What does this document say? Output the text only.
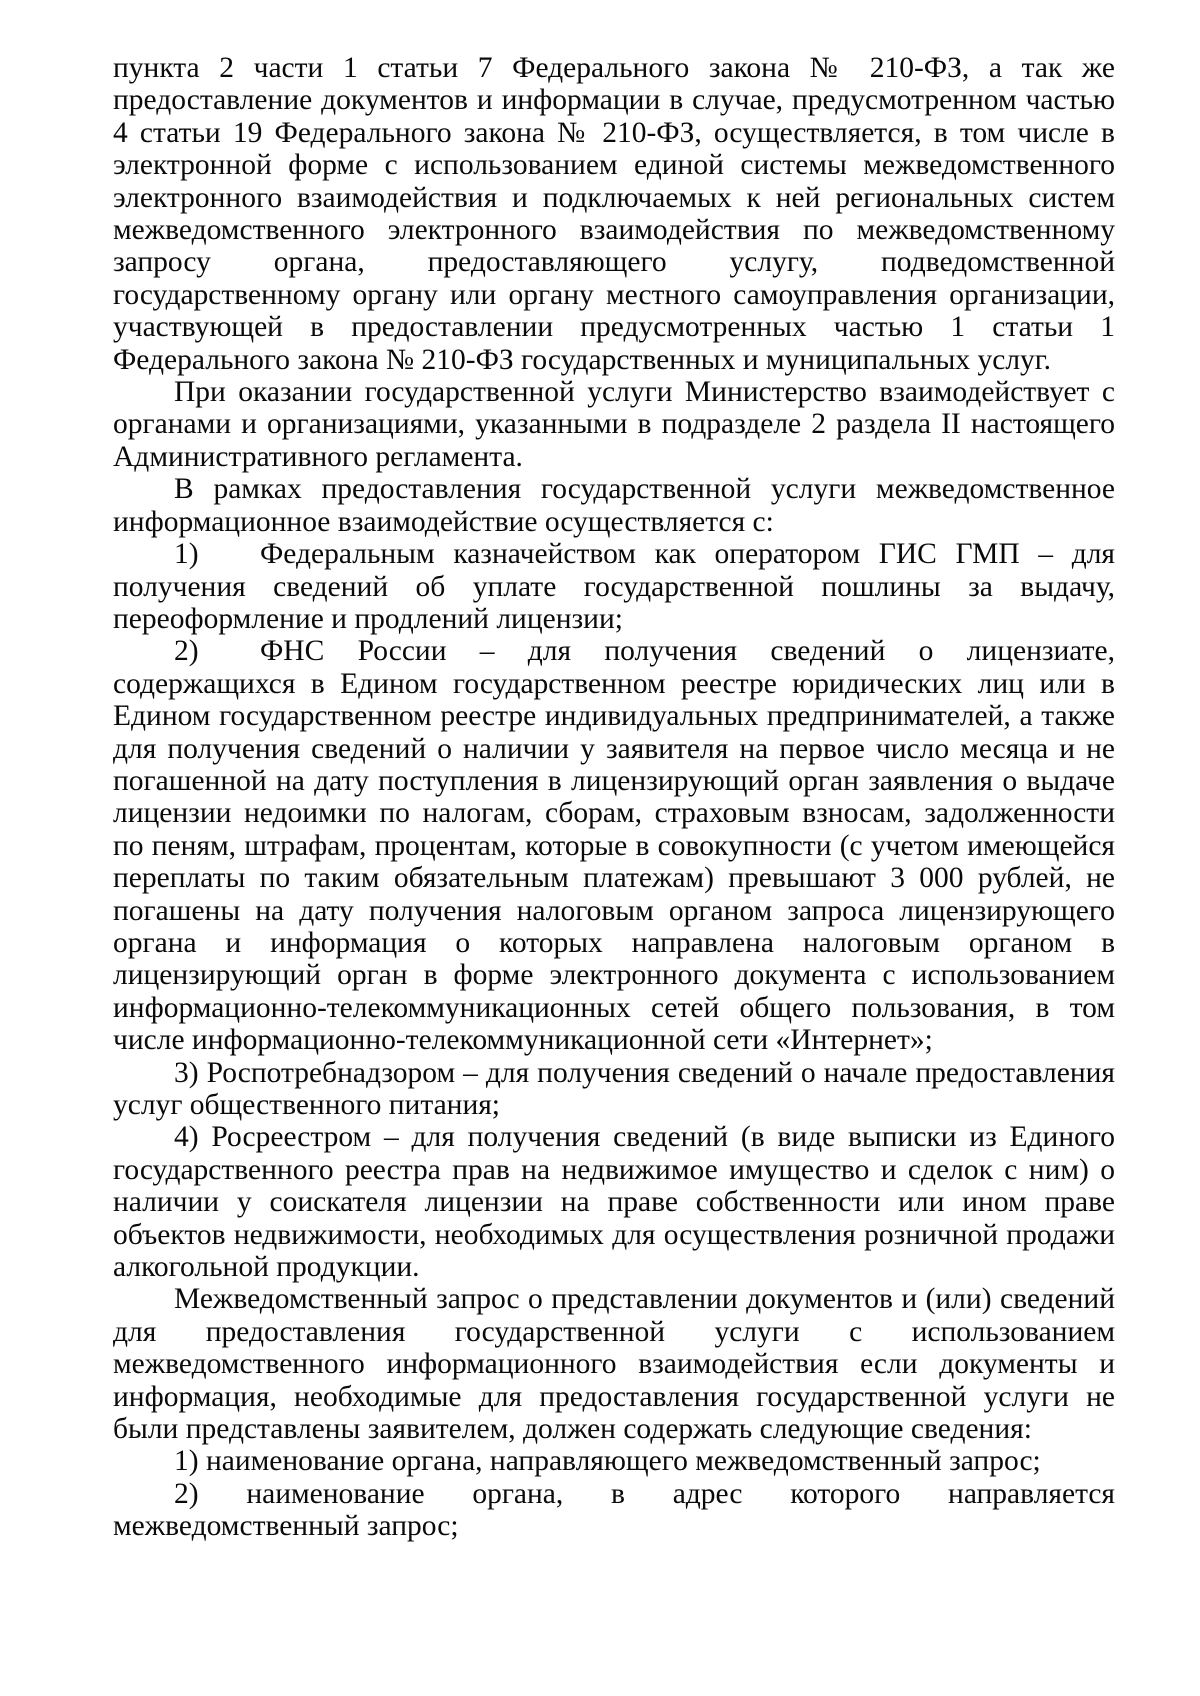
пункта 2 части 1 статьи 7 Федерального закона № 210-ФЗ, а так же предоставление документов и информации в случае, предусмотренном частью 4 статьи 19 Федерального закона № 210-ФЗ, осуществляется, в том числе в электронной форме с использованием единой системы межведомственного электронного взаимодействия и подключаемых к ней региональных систем межведомственного электронного взаимодействия по межведомственному запросу органа, предоставляющего услугу, подведомственной государственному органу или органу местного самоуправления организации, участвующей в предоставлении предусмотренных частью 1 статьи 1 Федерального закона № 210-ФЗ государственных и муниципальных услуг.

При оказании государственной услуги Министерство взаимодействует с органами и организациями, указанными в подразделе 2 раздела II настоящего Административного регламента.

В рамках предоставления государственной услуги межведомственное информационное взаимодействие осуществляется с:

1) Федеральным казначейством как оператором ГИС ГМП – для получения сведений об уплате государственной пошлины за выдачу, переоформление и продлений лицензии;

2) ФНС России – для получения сведений о лицензиате, содержащихся в Едином государственном реестре юридических лиц или в Едином государственном реестре индивидуальных предпринимателей, а также для получения сведений о наличии у заявителя на первое число месяца и не погашенной на дату поступления в лицензирующий орган заявления о выдаче лицензии недоимки по налогам, сборам, страховым взносам, задолженности по пеням, штрафам, процентам, которые в совокупности (с учетом имеющейся переплаты по таким обязательным платежам) превышают 3 000 рублей, не погашены на дату получения налоговым органом запроса лицензирующего органа и информация о которых направлена налоговым органом в лицензирующий орган в форме электронного документа с использованием информационно-телекоммуникационных сетей общего пользования, в том числе информационно-телекоммуникационной сети «Интернет»;

3) Роспотребнадзором – для получения сведений о начале предоставления услуг общественного питания;

4) Росреестром – для получения сведений (в виде выписки из Единого государственного реестра прав на недвижимое имущество и сделок с ним) о наличии у соискателя лицензии на праве собственности или ином праве объектов недвижимости, необходимых для осуществления розничной продажи алкогольной продукции.

Межведомственный запрос о представлении документов и (или) сведений для предоставления государственной услуги с использованием межведомственного информационного взаимодействия если документы и информация, необходимые для предоставления государственной услуги не были представлены заявителем, должен содержать следующие сведения:

1) наименование органа, направляющего межведомственный запрос;

2) наименование органа, в адрес которого направляется межведомственный запрос;
